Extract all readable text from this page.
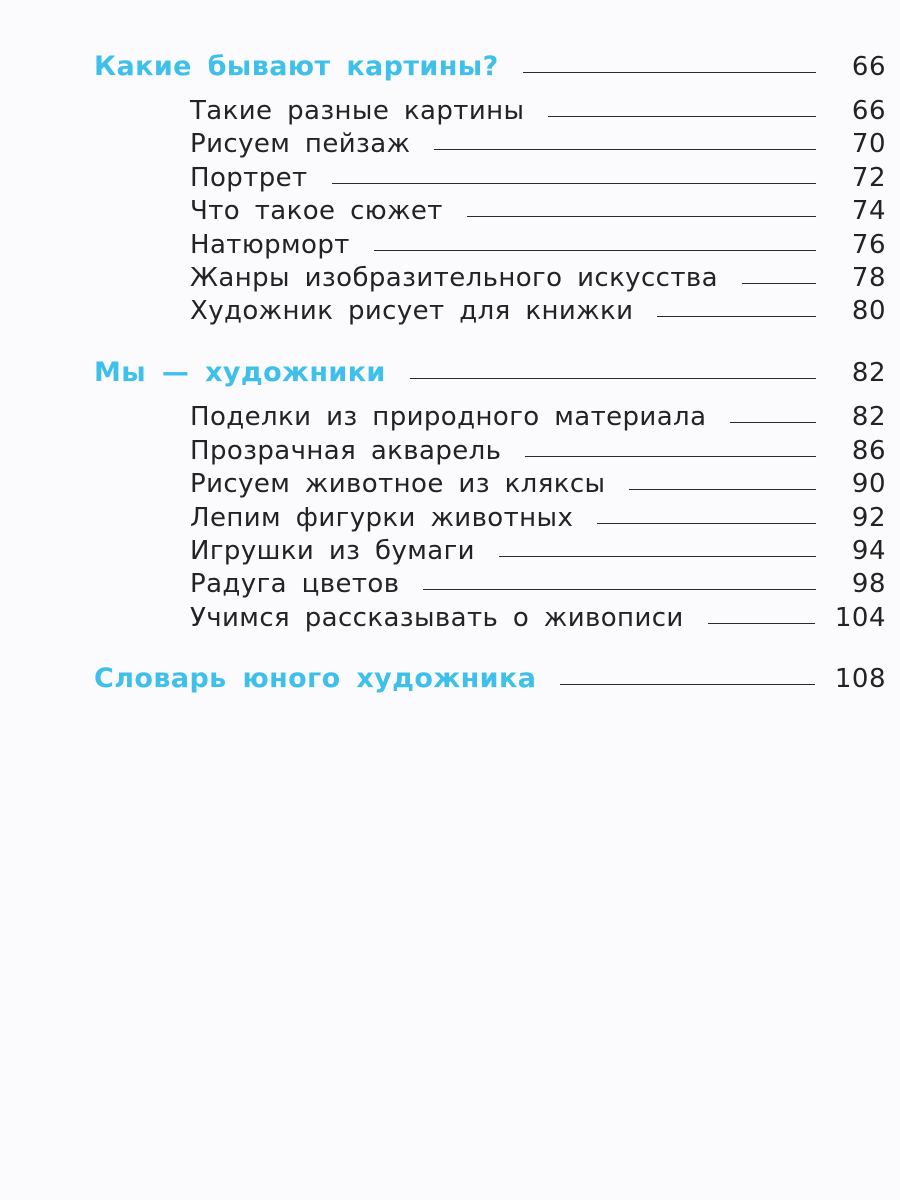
Какие бывают картины?	66
Такие разные картины	66
Рисуем пейзаж	70
Портрет	72
Что такое сюжет	74
Натюрморт	76
Жанры изобразительного искусства	78
Художник рисует для книжки	80
Мы — художники	82
Поделки из природного материала	82
Прозрачная акварель	86
Рисуем животное из кляксы	90
Лепим фигурки животных	92
Игрушки из бумаги	94
Радуга цветов	98
Учимся рассказывать о живописи	104
Словарь юного художника	108
